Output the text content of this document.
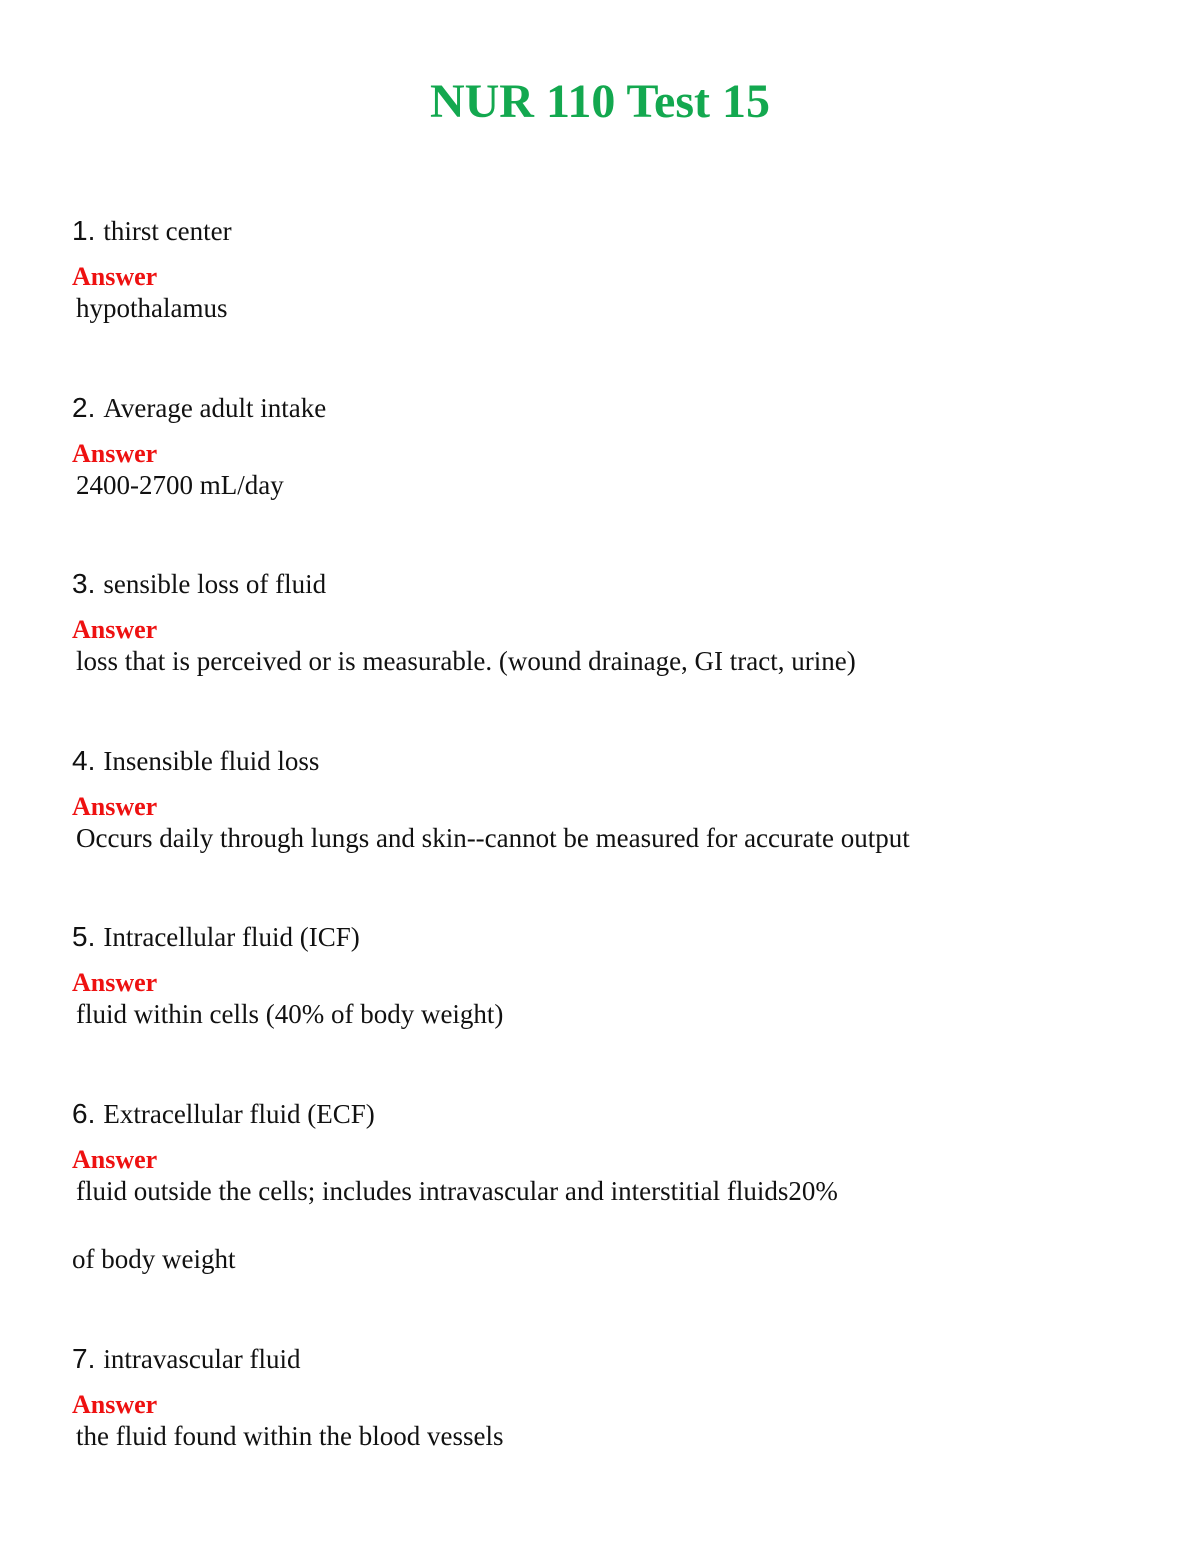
NUR 110 Test 15
1. thirst center
Answer
hypothalamus
2. Average adult intake
Answer
2400-2700 mL/day
3. sensible loss of fluid
Answer
loss that is perceived or is measurable. (wound drainage, GI tract, urine)
4. Insensible fluid loss
Answer
Occurs daily through lungs and skin--cannot be measured for accurate output
5. Intracellular fluid (ICF)
Answer
fluid within cells (40% of body weight)
6. Extracellular fluid (ECF)
Answer
fluid outside the cells; includes intravascular and interstitial fluids20%
of body weight
7. intravascular fluid
Answer
the fluid found within the blood vessels
